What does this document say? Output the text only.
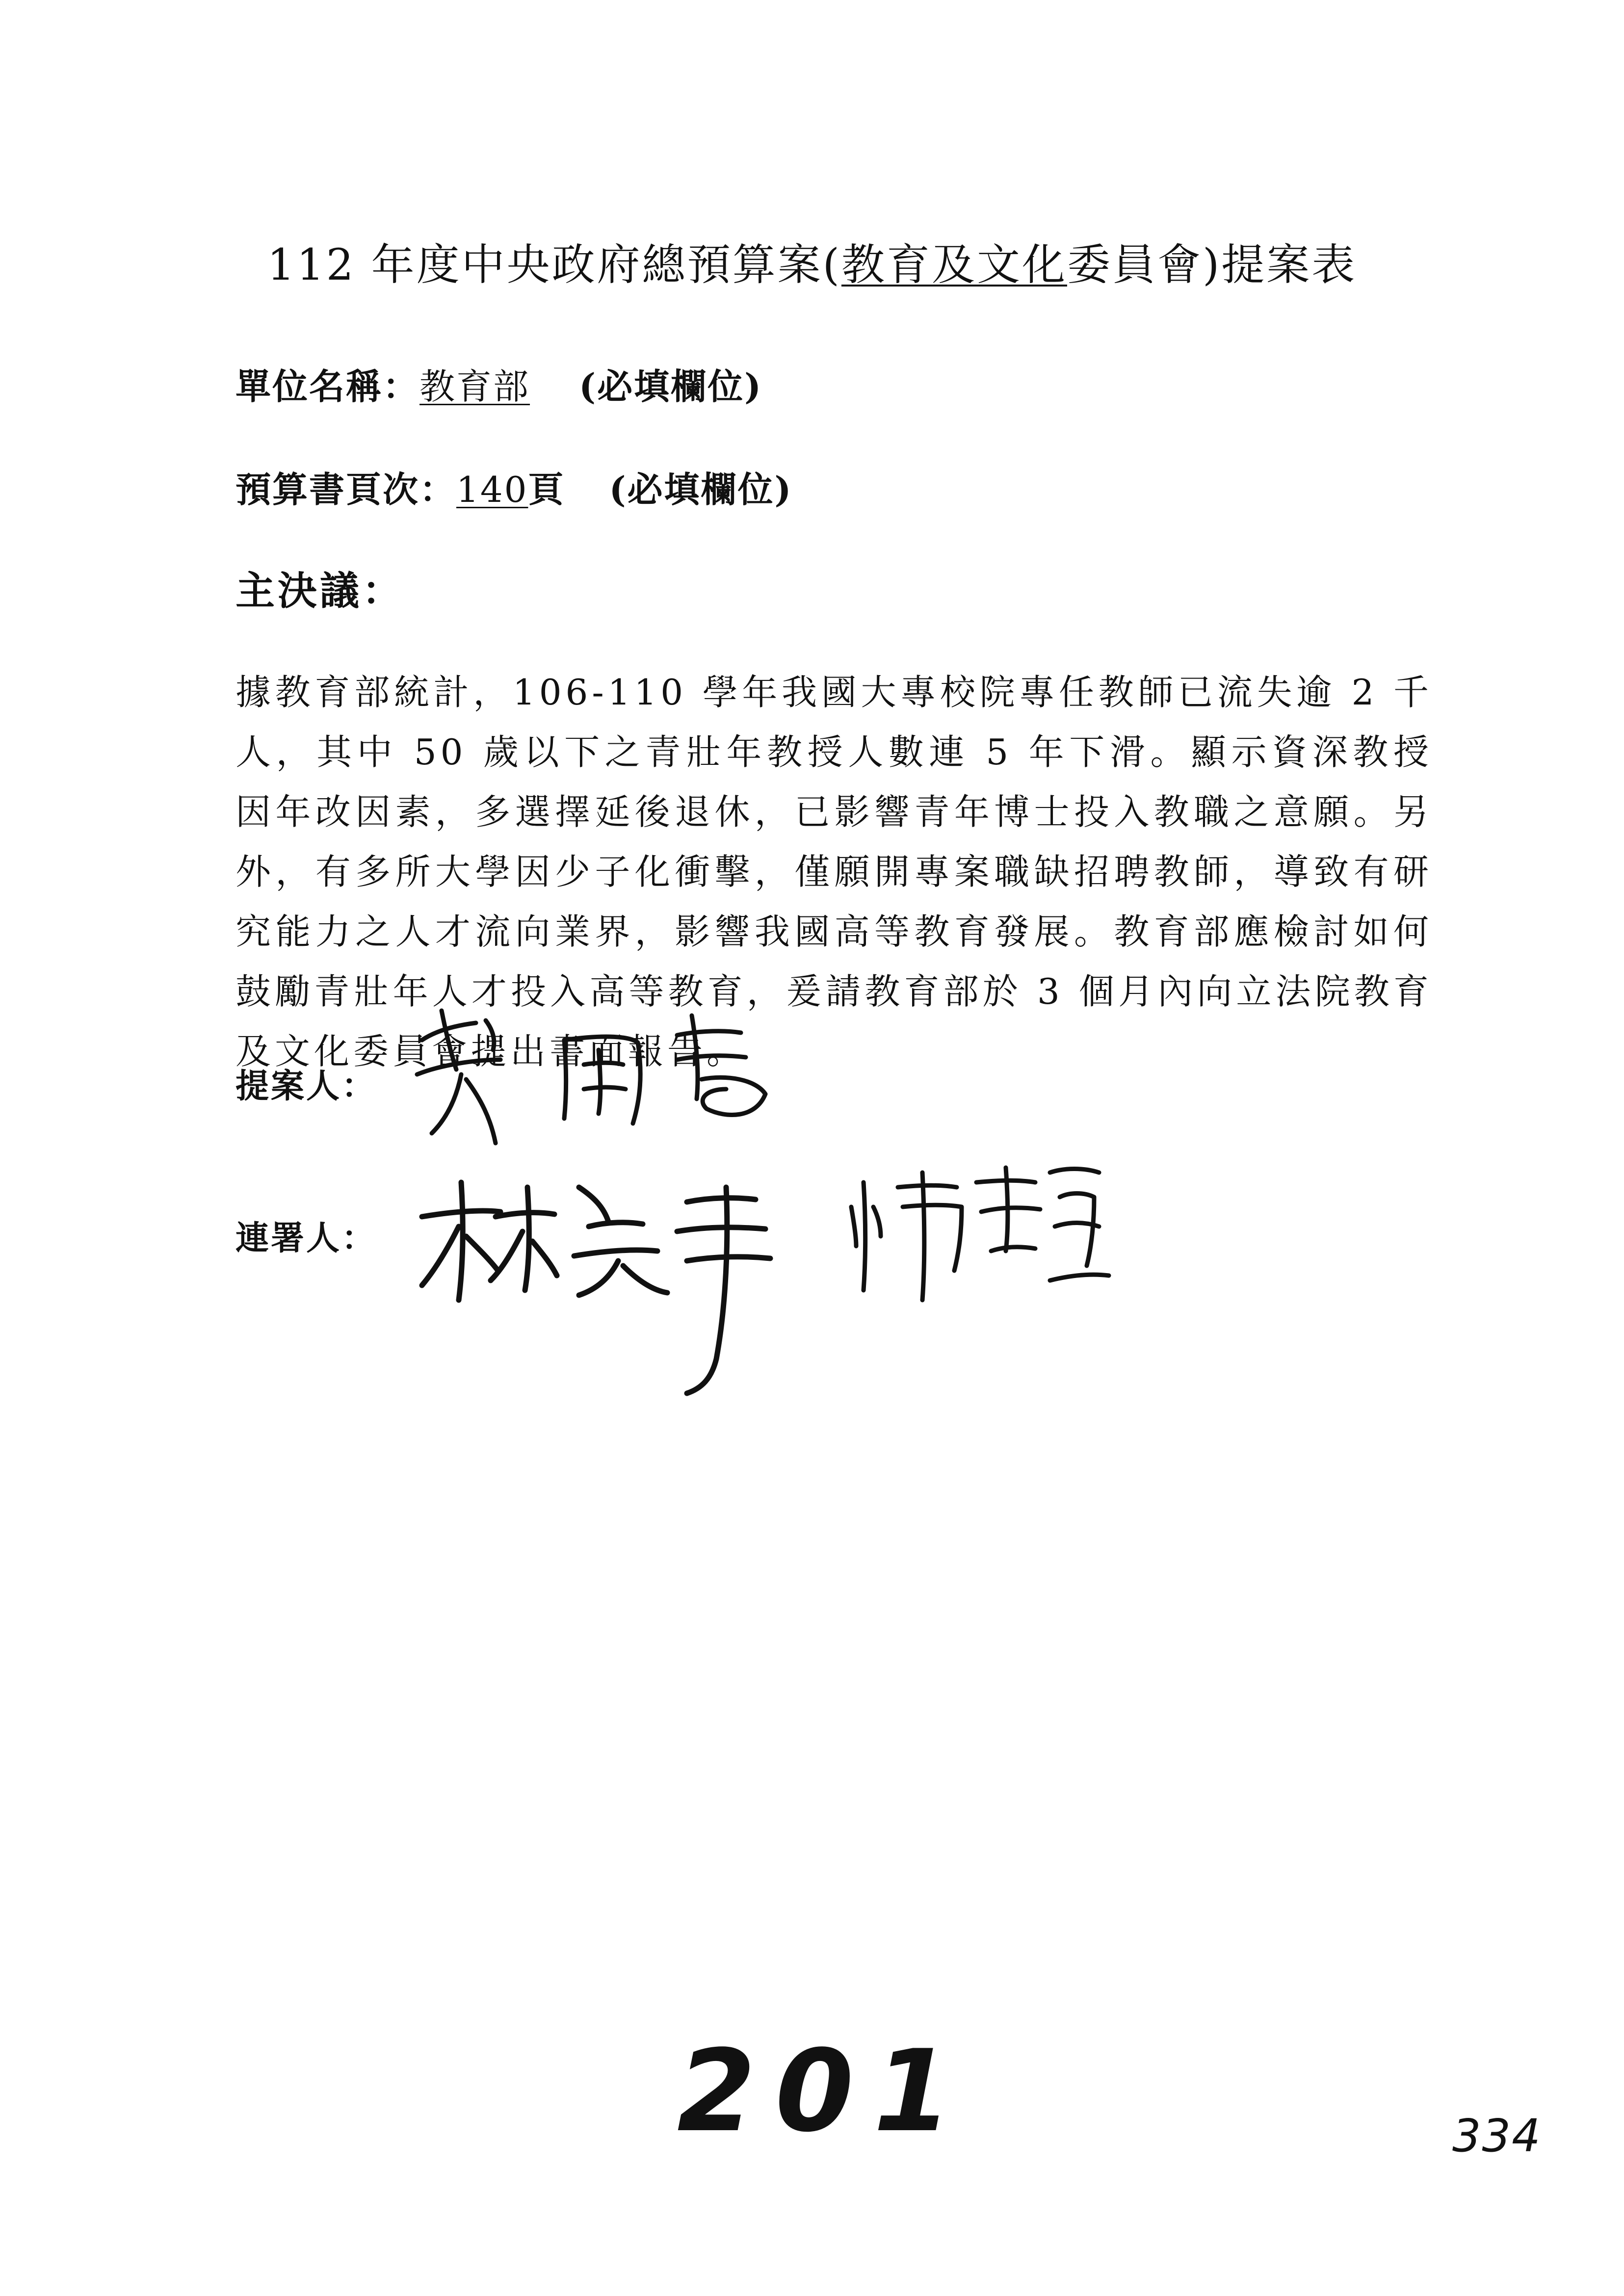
112 年度中央政府總預算案(教育及文化委員會)提案表
單位名稱：教育部 (必填欄位)
預算書頁次：140頁 (必填欄位)
主決議：
據教育部統計，106-110 學年我國大專校院專任教師已流失逾 2 千人，其中 50 歲以下之青壯年教授人數連 5 年下滑。顯示資深教授因年改因素，多選擇延後退休，已影響青年博士投入教職之意願。另外，有多所大學因少子化衝擊，僅願開專案職缺招聘教師，導致有研究能力之人才流向業界，影響我國高等教育發展。教育部應檢討如何鼓勵青壯年人才投入高等教育，爰請教育部於 3 個月內向立法院教育及文化委員會提出書面報告。
提案人：
連署人：
201	334
